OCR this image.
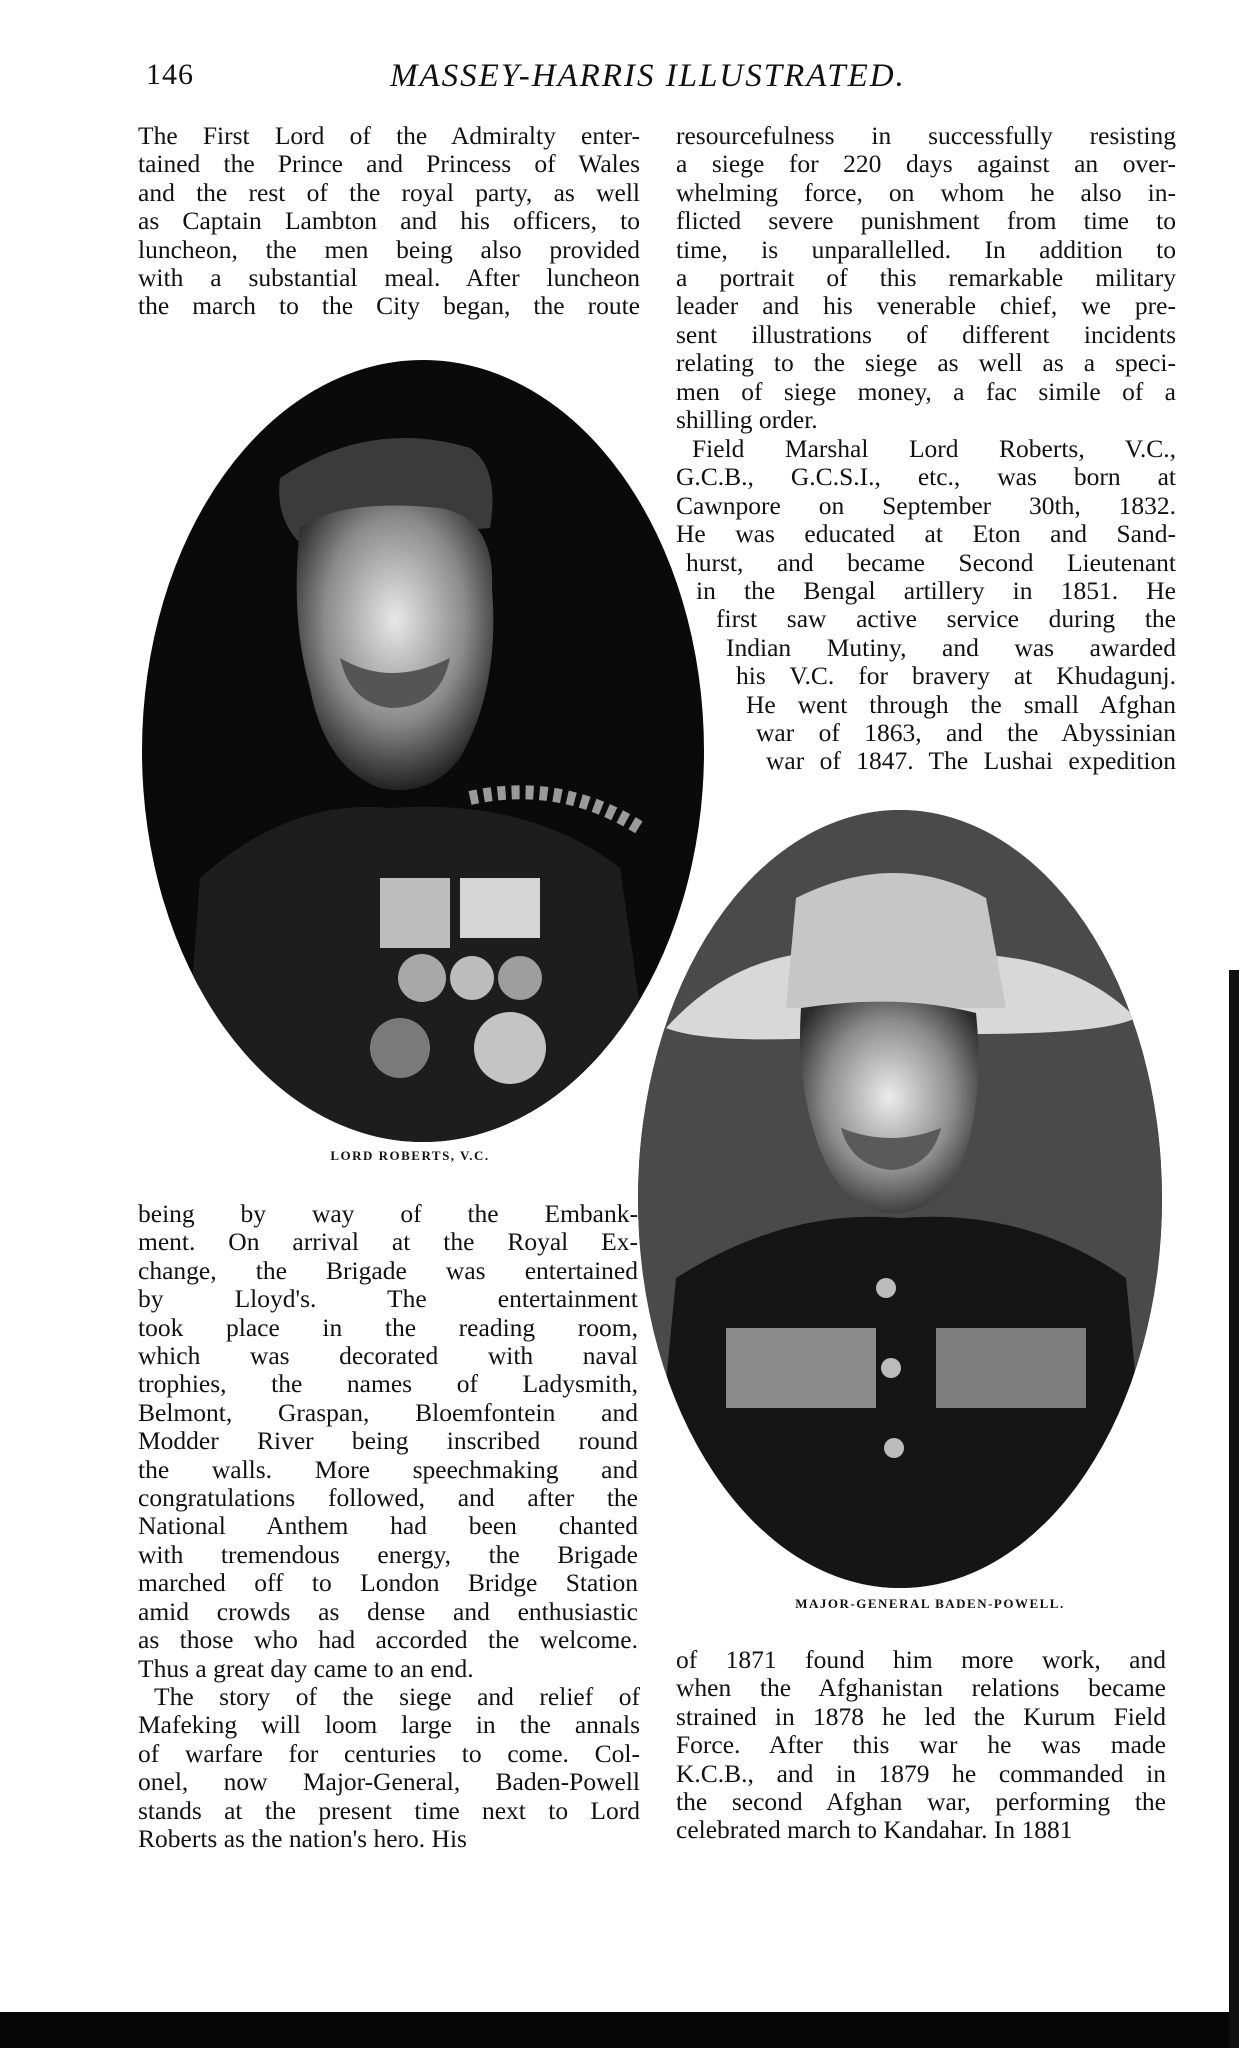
146	MASSEY-HARRIS ILLUSTRATED.
The First Lord of the Admiralty enter-
tained the Prince and Princess of Wales
and the rest of the royal party, as well
as Captain Lambton and his officers, to
luncheon, the men being also provided
with a substantial meal. After luncheon
the march to the City began, the route
resourcefulness in successfully resisting
a siege for 220 days against an over-
whelming force, on whom he also in-
flicted severe punishment from time to
time, is unparallelled. In addition to
a portrait of this remarkable military
leader and his venerable chief, we pre-
sent illustrations of different incidents
relating to the siege as well as a speci-
men of siege money, a fac simile of a
shilling order.
Field Marshal Lord Roberts, V.C.,
G.C.B., G.C.S.I., etc., was born at
Cawnpore on September 30th, 1832.
He was educated at Eton and Sand-
hurst, and became Second Lieutenant
in the Bengal artillery in 1851. He
first saw active service during the
Indian Mutiny, and was awarded
his V.C. for bravery at Khudagunj.
He went through the small Afghan
war of 1863, and the Abyssinian
war of 1847. The Lushai expedition
LORD ROBERTS, V.C.
MAJOR-GENERAL BADEN-POWELL.
being by way of the Embank-
ment. On arrival at the Royal Ex-
change, the Brigade was entertained
by Lloyd's. The entertainment
took place in the reading room,
which was decorated with naval
trophies, the names of Ladysmith,
Belmont, Graspan, Bloemfontein and
Modder River being inscribed round
the walls. More speechmaking and
congratulations followed, and after the
National Anthem had been chanted
with tremendous energy, the Brigade
marched off to London Bridge Station
amid crowds as dense and enthusiastic
as those who had accorded the welcome.
Thus a great day came to an end.
The story of the siege and relief of
Mafeking will loom large in the annals
of warfare for centuries to come. Col-
onel, now Major-General, Baden-Powell
stands at the present time next to Lord
Roberts as the nation's hero. His
of 1871 found him more work, and
when the Afghanistan relations became
strained in 1878 he led the Kurum Field
Force. After this war he was made
K.C.B., and in 1879 he commanded in
the second Afghan war, performing the
celebrated march to Kandahar. In 1881
